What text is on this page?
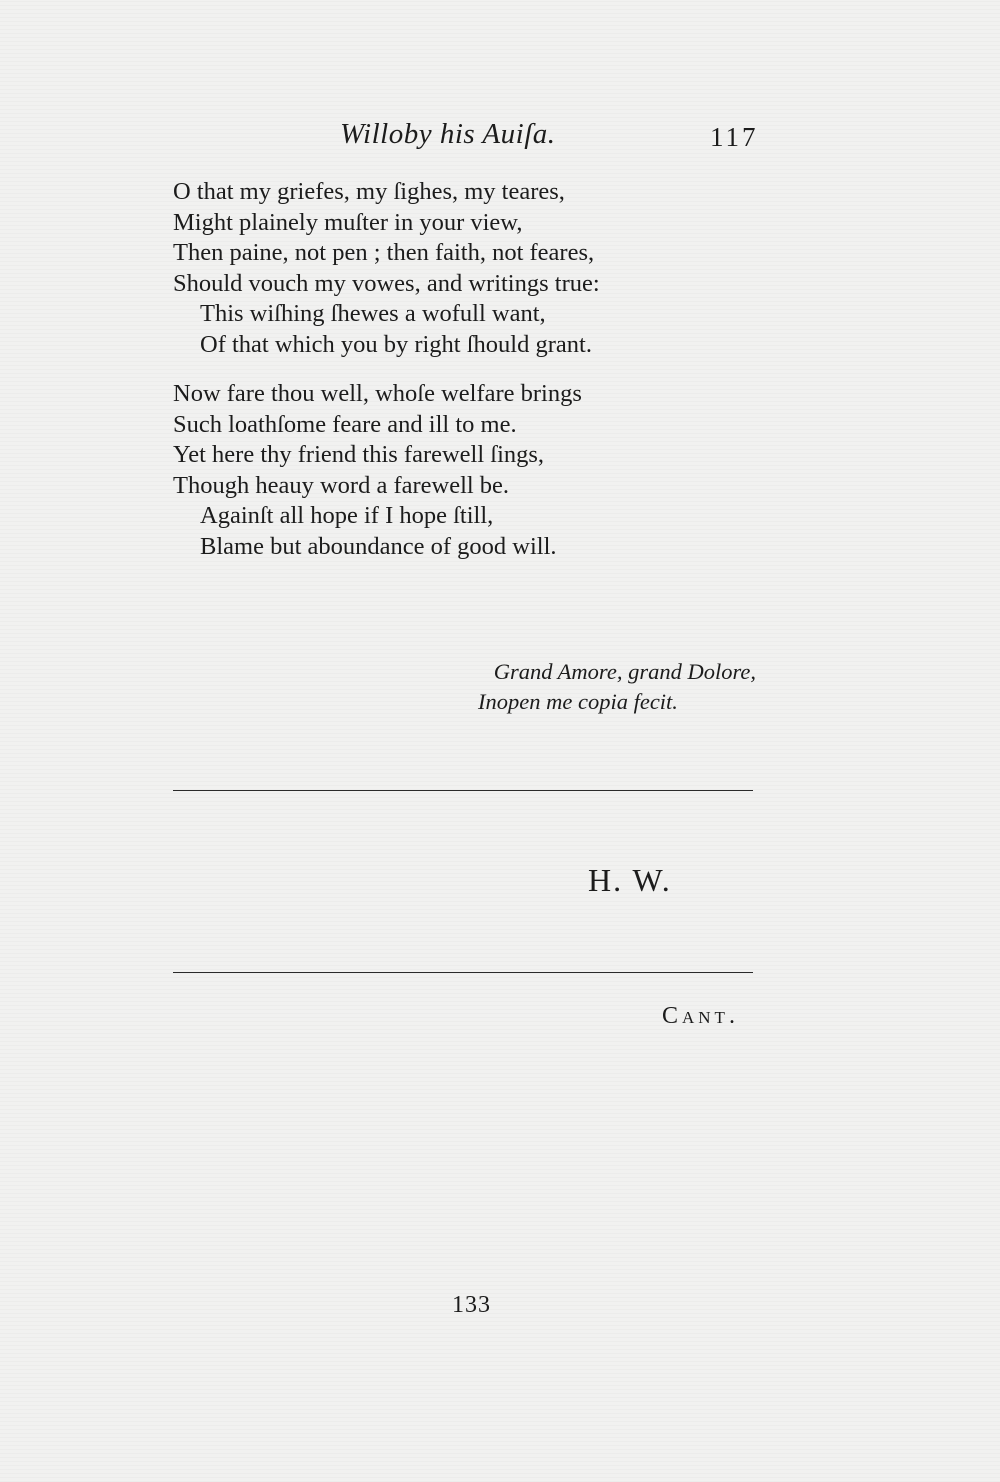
Willoby his Auiſa.	117
O that my griefes, my ſighes, my teares,
Might plainely muſter in your view,
Then paine, not pen ; then faith, not feares,
Should vouch my vowes, and writings true:
This wiſhing ſhewes a wofull want,
Of that which you by right ſhould grant.
Now fare thou well, whoſe welfare brings
Such loathſome feare and ill to me.
Yet here thy friend this farewell ſings,
Though heauy word a farewell be.
Againſt all hope if I hope ſtill,
Blame but aboundance of good will.
Grand Amore, grand Dolore,
Inopen me copia fecit.
H. W.
Cant.
133
